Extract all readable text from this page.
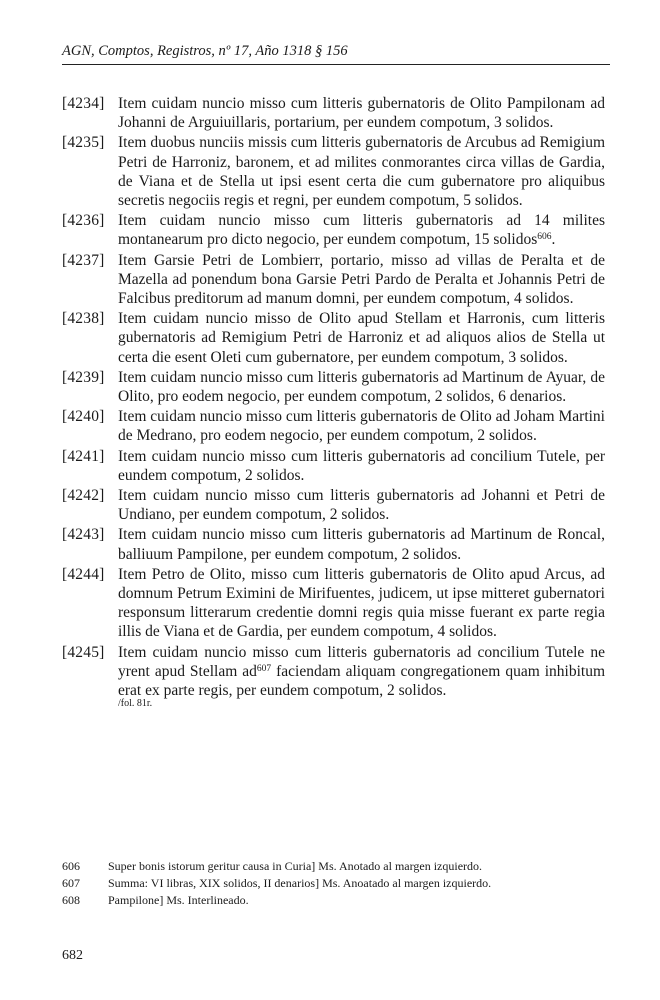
AGN, Comptos, Registros, nº 17, Año 1318 § 156
[4234] Item cuidam nuncio misso cum litteris gubernatoris de Olito Pampilonam ad Johanni de Arguiuillaris, portarium, per eundem compotum, 3 solidos.
[4235] Item duobus nunciis missis cum litteris gubernatoris de Arcubus ad Remigium Petri de Harroniz, baronem, et ad milites conmorantes circa villas de Gardia, de Viana et de Stella ut ipsi esent certa die cum gubernatore pro aliquibus secretis negociis regis et regni, per eundem compotum, 5 solidos.
[4236] Item cuidam nuncio misso cum litteris gubernatoris ad 14 milites montanearum pro dicto negocio, per eundem compotum, 15 solidos$^{606}$.
[4237] Item Garsie Petri de Lombierr, portario, misso ad villas de Peralta et de Mazella ad ponendum bona Garsie Petri Pardo de Peralta et Johannis Petri de Falcibus preditorum ad manum domni, per eundem compotum, 4 solidos.
[4238] Item cuidam nuncio misso de Olito apud Stellam et Harronis, cum litteris gubernatoris ad Remigium Petri de Harroniz et ad aliquos alios de Stella ut certa die esent Oleti cum gubernatore, per eundem compotum, 3 solidos.
[4239] Item cuidam nuncio misso cum litteris gubernatoris ad Martinum de Ayuar, de Olito, pro eodem negocio, per eundem compotum, 2 solidos, 6 denarios.
[4240] Item cuidam nuncio misso cum litteris gubernatoris de Olito ad Joham Martini de Medrano, pro eodem negocio, per eundem compotum, 2 solidos.
[4241] Item cuidam nuncio misso cum litteris gubernatoris ad concilium Tutele, per eundem compotum, 2 solidos.
[4242] Item cuidam nuncio misso cum litteris gubernatoris ad Johanni et Petri de Undiano, per eundem compotum, 2 solidos.
[4243] Item cuidam nuncio misso cum litteris gubernatoris ad Martinum de Roncal, balliuum Pampilone, per eundem compotum, 2 solidos.
[4244] Item Petro de Olito, misso cum litteris gubernatoris de Olito apud Arcus, ad domnum Petrum Eximini de Mirifuentes, judicem, ut ipse mitteret gubernatori responsum litterarum credentie domni regis quia misse fuerant ex parte regia illis de Viana et de Gardia, per eundem compotum, 4 solidos.
[4245] Item cuidam nuncio misso cum litteris gubernatoris ad concilium Tutele ne yrent apud Stellam $ad^{607}$ faciendam aliquam congregationem quam inhibitum erat ex parte regis, per eundem compotum, 2 solidos.
/fol. 81r.
606	Super bonis istorum geritur causa in Curia] Ms. Anotado al margen izquierdo.
607	Summa: VI libras, XIX solidos, II denarios] Ms. Anoatado al margen izquierdo.
608	Pampilone] Ms. Interlineado.
682
